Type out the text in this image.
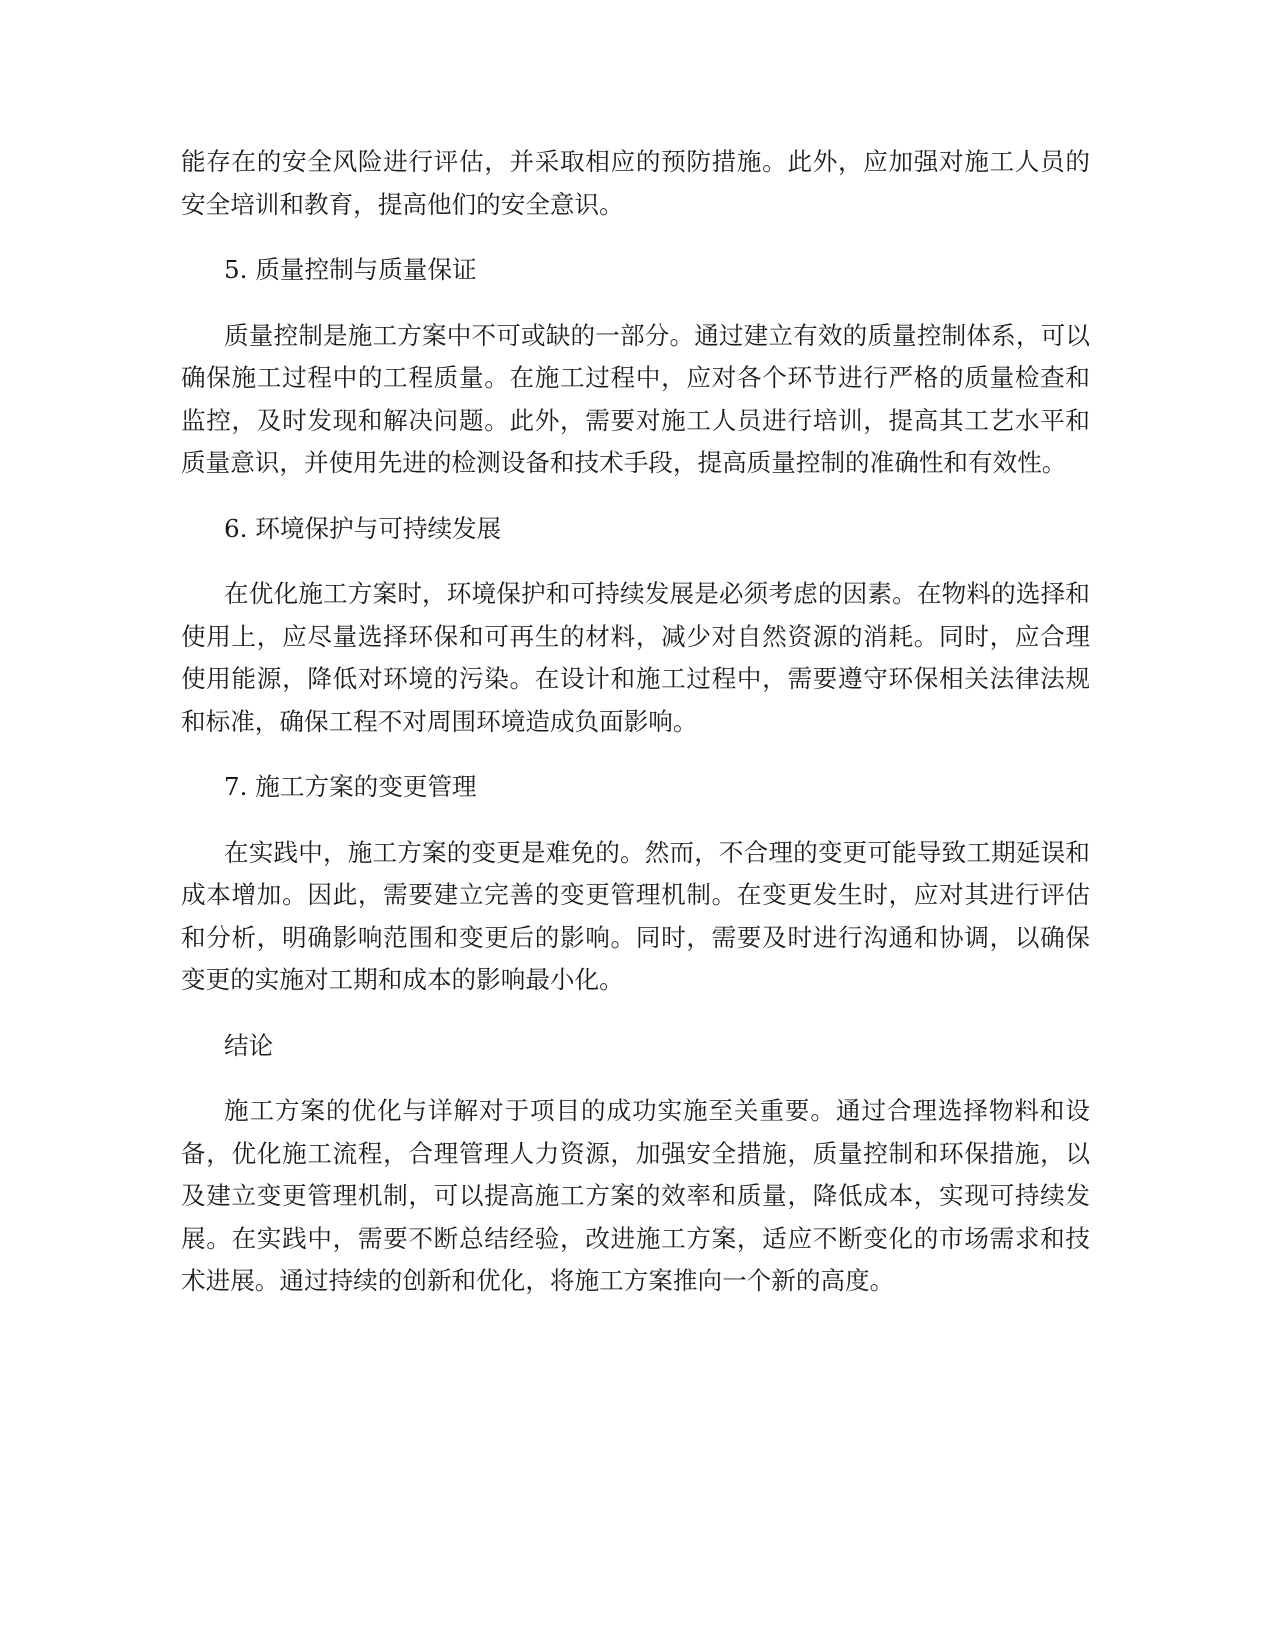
能存在的安全风险进行评估，并采取相应的预防措施。此外，应加强对施工人员的安全培训和教育，提高他们的安全意识。

5. 质量控制与质量保证

质量控制是施工方案中不可或缺的一部分。通过建立有效的质量控制体系，可以确保施工过程中的工程质量。在施工过程中，应对各个环节进行严格的质量检查和监控，及时发现和解决问题。此外，需要对施工人员进行培训，提高其工艺水平和质量意识，并使用先进的检测设备和技术手段，提高质量控制的准确性和有效性。

6. 环境保护与可持续发展

在优化施工方案时，环境保护和可持续发展是必须考虑的因素。在物料的选择和使用上，应尽量选择环保和可再生的材料，减少对自然资源的消耗。同时，应合理使用能源，降低对环境的污染。在设计和施工过程中，需要遵守环保相关法律法规和标准，确保工程不对周围环境造成负面影响。

7. 施工方案的变更管理

在实践中，施工方案的变更是难免的。然而，不合理的变更可能导致工期延误和成本增加。因此，需要建立完善的变更管理机制。在变更发生时，应对其进行评估和分析，明确影响范围和变更后的影响。同时，需要及时进行沟通和协调，以确保变更的实施对工期和成本的影响最小化。

结论

施工方案的优化与详解对于项目的成功实施至关重要。通过合理选择物料和设备，优化施工流程，合理管理人力资源，加强安全措施，质量控制和环保措施，以及建立变更管理机制，可以提高施工方案的效率和质量，降低成本，实现可持续发展。在实践中，需要不断总结经验，改进施工方案，适应不断变化的市场需求和技术进展。通过持续的创新和优化，将施工方案推向一个新的高度。
